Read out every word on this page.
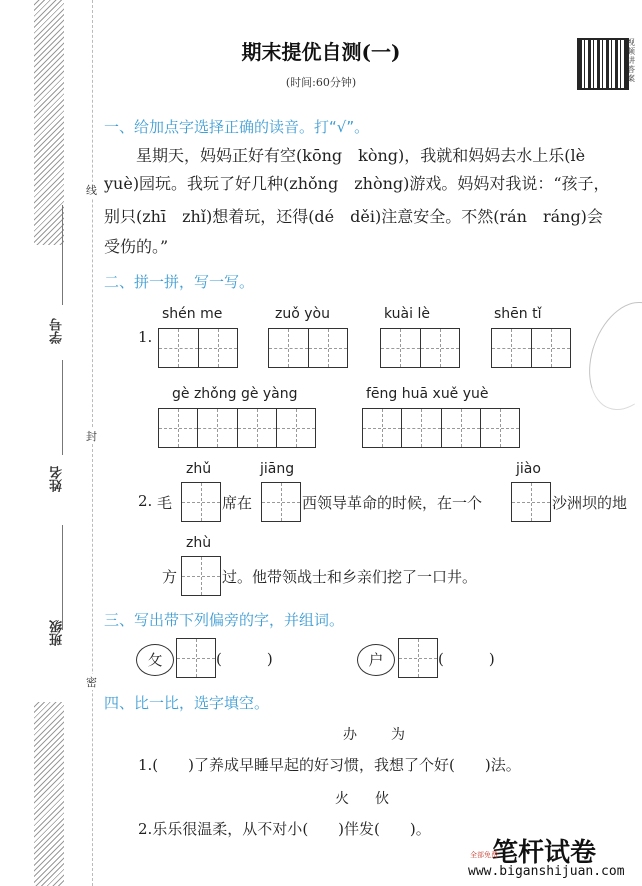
线
封
密
学号
姓名
班级
期末提优自测(一)
(时间:60分钟)
视频讲答案
一、给加点字选择正确的读音。打“√”。
星期天，妈妈正好有空(kōng　kòng)，我就和妈妈去水上乐(lè
yuè)园玩。我玩了好几种(zhǒng　zhòng)游戏。妈妈对我说：“孩子，
别只(zhī　zhǐ)想着玩，还得(dé　děi)注意安全。不然(rán　ráng)会
受伤的。”
二、拼一拼，写一写。
1.
shén me	zuǒ yòu	kuài lè	shēn tǐ
gè zhǒng gè yàng	fēng huā xuě yuè
2. 毛
zhǔ
席在
jiāng
西领导革命的时候，在一个
jiào
沙洲坝的地
方
zhù
过。他带领战士和乡亲们挖了一口井。
三、写出带下列偏旁的字，并组词。
攵	(　　　)	户	(　　　)
四、比一比，选字填空。
办 为
1.(　　)了养成早睡早起的好习惯，我想了个好(　　)法。
火 伙
2.乐乐很温柔，从不对小(　　)伴发(　　)。
笔杆试卷
全部免费
www.biganshijuan.com
